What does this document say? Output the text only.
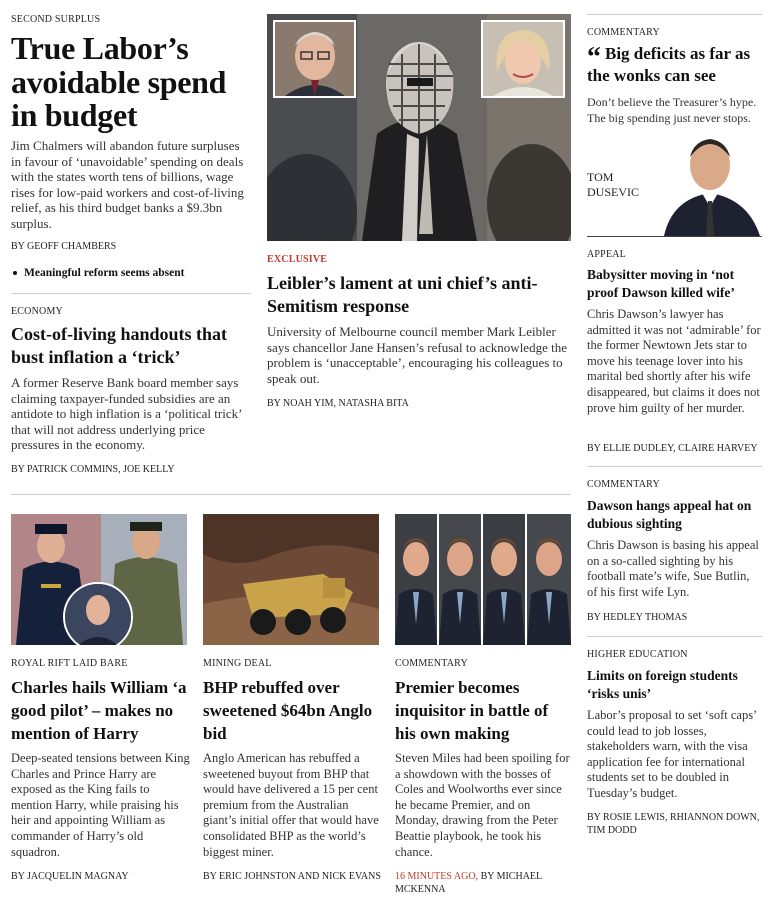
SECOND SURPLUS
True Labor’s
avoidable spend
in budget
Jim Chalmers will abandon future surpluses in favour of ‘unavoidable’ spending on deals with the states worth tens of billions, wage rises for low-paid workers and cost-of-living relief, as his third budget banks a $9.3bn surplus.
BY GEOFF CHAMBERS
Meaningful reform seems absent
ECONOMY
Cost-of-living handouts that bust inflation a ‘trick’
A former Reserve Bank board member says claiming taxpayer-funded subsidies are an antidote to high inflation is a ‘political trick’ that will not address underlying price pressures in the economy.
BY PATRICK COMMINS, JOE KELLY
EXCLUSIVE
Leibler’s lament at uni chief’s anti-Semitism response
University of Melbourne council member Mark Leibler says chancellor Jane Hansen’s refusal to acknowledge the problem is ‘unacceptable’, encouraging his colleagues to speak out.
BY NOAH YIM, NATASHA BITA
COMMENTARY
“ Big deficits as far as the wonks can see
Don’t believe the Treasurer’s hype. The big spending just never stops.
TOM
DUSEVIC
APPEAL
Babysitter moving in ‘not proof Dawson killed wife’
Chris Dawson’s lawyer has admitted it was not ‘admirable’ for the former Newtown Jets star to move his teenage lover into his marital bed shortly after his wife disappeared, but claims it does not prove him guilty of her murder.
BY ELLIE DUDLEY, CLAIRE HARVEY
COMMENTARY
Dawson hangs appeal hat on dubious sighting
Chris Dawson is basing his appeal on a so-called sighting by his football mate’s wife, Sue Butlin, of his first wife Lyn.
BY HEDLEY THOMAS
HIGHER EDUCATION
Limits on foreign students ‘risks unis’
Labor’s proposal to set ‘soft caps’ could lead to job losses, stakeholders warn, with the visa application fee for international students set to be doubled in Tuesday’s budget.
BY ROSIE LEWIS, RHIANNON DOWN,
TIM DODD
ROYAL RIFT LAID BARE
Charles hails William ‘a good pilot’ – makes no mention of Harry
Deep-seated tensions between King Charles and Prince Harry are exposed as the King fails to mention Harry, while praising his heir and appointing William as commander of Harry’s old squadron.
BY JACQUELIN MAGNAY
MINING DEAL
BHP rebuffed over sweetened $64bn Anglo bid
Anglo American has rebuffed a sweetened buyout from BHP that would have delivered a 15 per cent premium from the Australian giant’s initial offer that would have consolidated BHP as the world’s biggest miner.
BY ERIC JOHNSTON AND NICK EVANS
COMMENTARY
Premier becomes inquisitor in battle of his own making
Steven Miles had been spoiling for a showdown with the bosses of Coles and Woolworths ever since he became Premier, and on Monday, drawing from the Peter Beattie playbook, he took his chance.
16 MINUTES AGO, BY MICHAEL MCKENNA
